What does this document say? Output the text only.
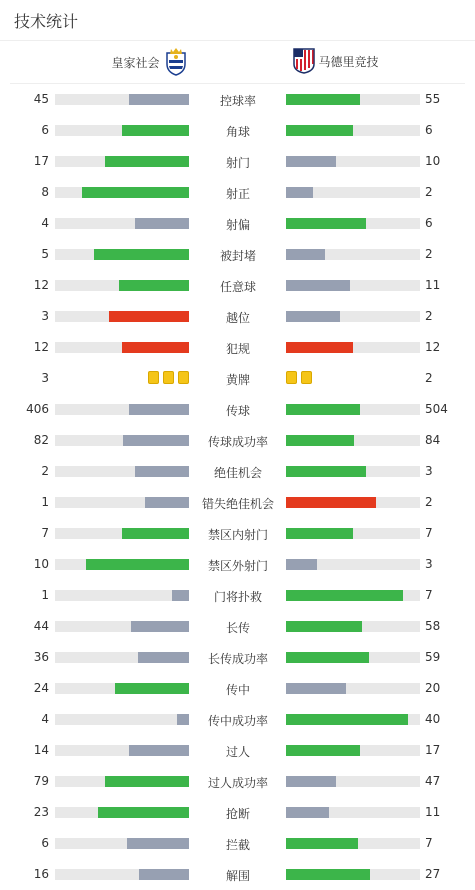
技术统计
皇家社会	马德里竞技
45	控球率	55
6	角球	6
17	射门	10
8	射正	2
4	射偏	6
5	被封堵	2
12	任意球	11
3	越位	2
12	犯规	12
3	黄牌	2
406	传球	504
82	传球成功率	84
2	绝佳机会	3
1	错失绝佳机会	2
7	禁区内射门	7
10	禁区外射门	3
1	门将扑救	7
44	长传	58
36	长传成功率	59
24	传中	20
4	传中成功率	40
14	过人	17
79	过人成功率	47
23	抢断	11
6	拦截	7
16	解围	27
